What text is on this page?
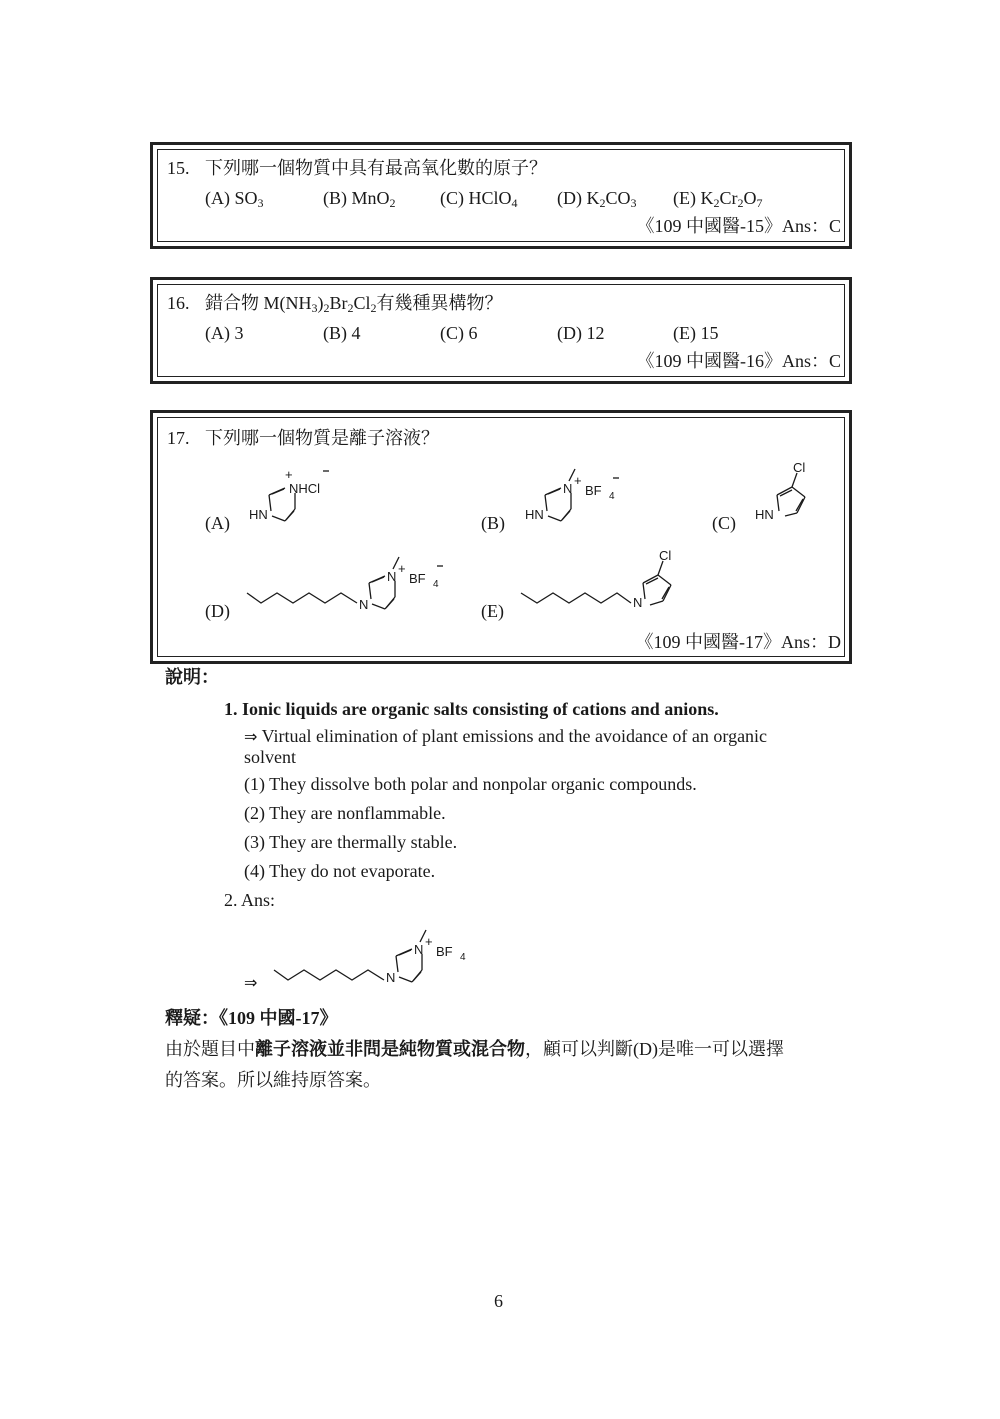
15. 下列哪一個物質中具有最高氧化數的原子？
(A) $SO_3$	(B) MnO$_2$ (C) HClO$_4$ (D) $K_2CO_3$ (E) $K_2Cr_2O_7$
《109 中國醫-15》Ans：C
16. 錯合物 $M(NH_3)_2Br_2Cl_2$有幾種異構物？
(A) 3	(B) 4	(C) 6	(D) 12	(E) 15
《109 中國醫-16》Ans：C
17. 下列哪一個物質是離子溶液？
(A)	(B)	(C)
(D)	(E)
NHCl
+
HN
N
+
BF 4
HN
Cl
HN
N
+
BF 4
N
Cl
N
《109 中國醫-17》Ans：D
說明：
1. Ionic liquids are organic salts consisting of cations and anions.
⇒ Virtual elimination of plant emissions and the avoidance of an organic
solvent
(1) They dissolve both polar and nonpolar organic compounds.
(2) They are nonflammable.
(3) They are thermally stable.
(4) They do not evaporate.
2. Ans:
⇒
N
+
BF 4
N
釋疑：《109 中國-17》
由於題目中離子溶液並非問是純物質或混合物，顧可以判斷(D)是唯一可以選擇
的答案。所以維持原答案。
6
